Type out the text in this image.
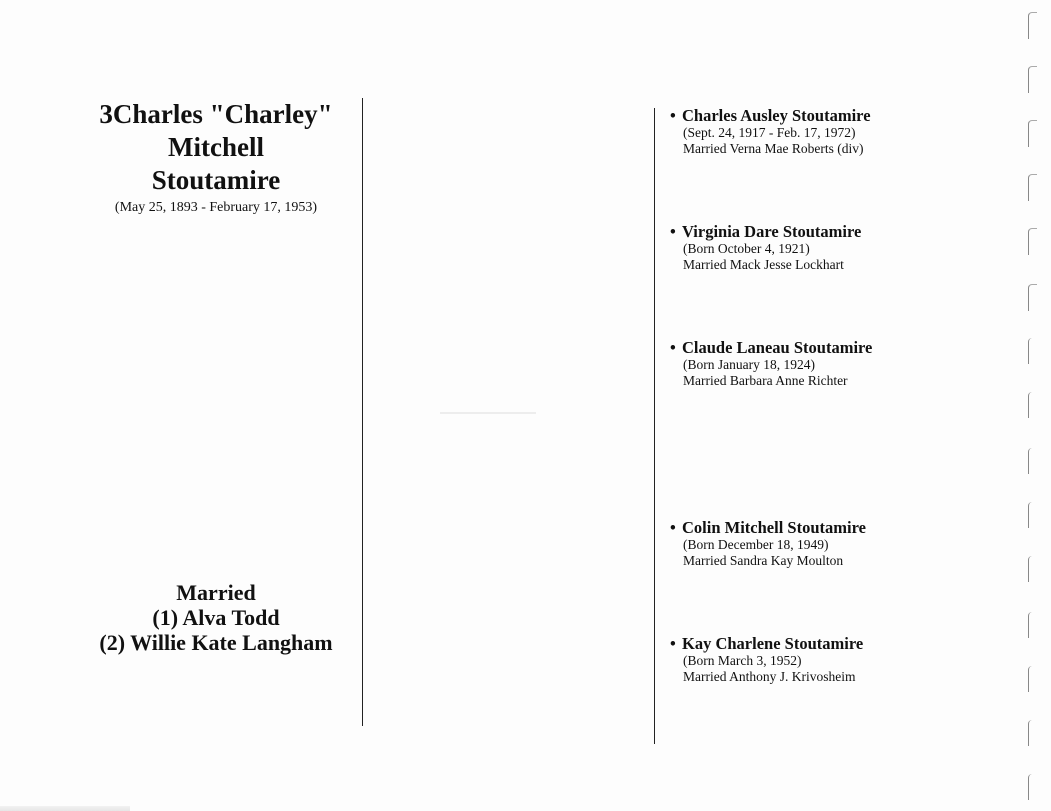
3Charles "Charley"
Mitchell
Stoutamire
(May 25, 1893 - February 17, 1953)
Married
(1) Alva Todd
(2) Willie Kate Langham
• Charles Ausley Stoutamire
(Sept. 24, 1917 - Feb. 17, 1972)
Married Verna Mae Roberts (div)
• Virginia Dare Stoutamire
(Born October 4, 1921)
Married Mack Jesse Lockhart
• Claude Laneau Stoutamire
(Born January 18, 1924)
Married Barbara Anne Richter
• Colin Mitchell Stoutamire
(Born December 18, 1949)
Married Sandra Kay Moulton
• Kay Charlene Stoutamire
(Born March 3, 1952)
Married Anthony J. Krivosheim
